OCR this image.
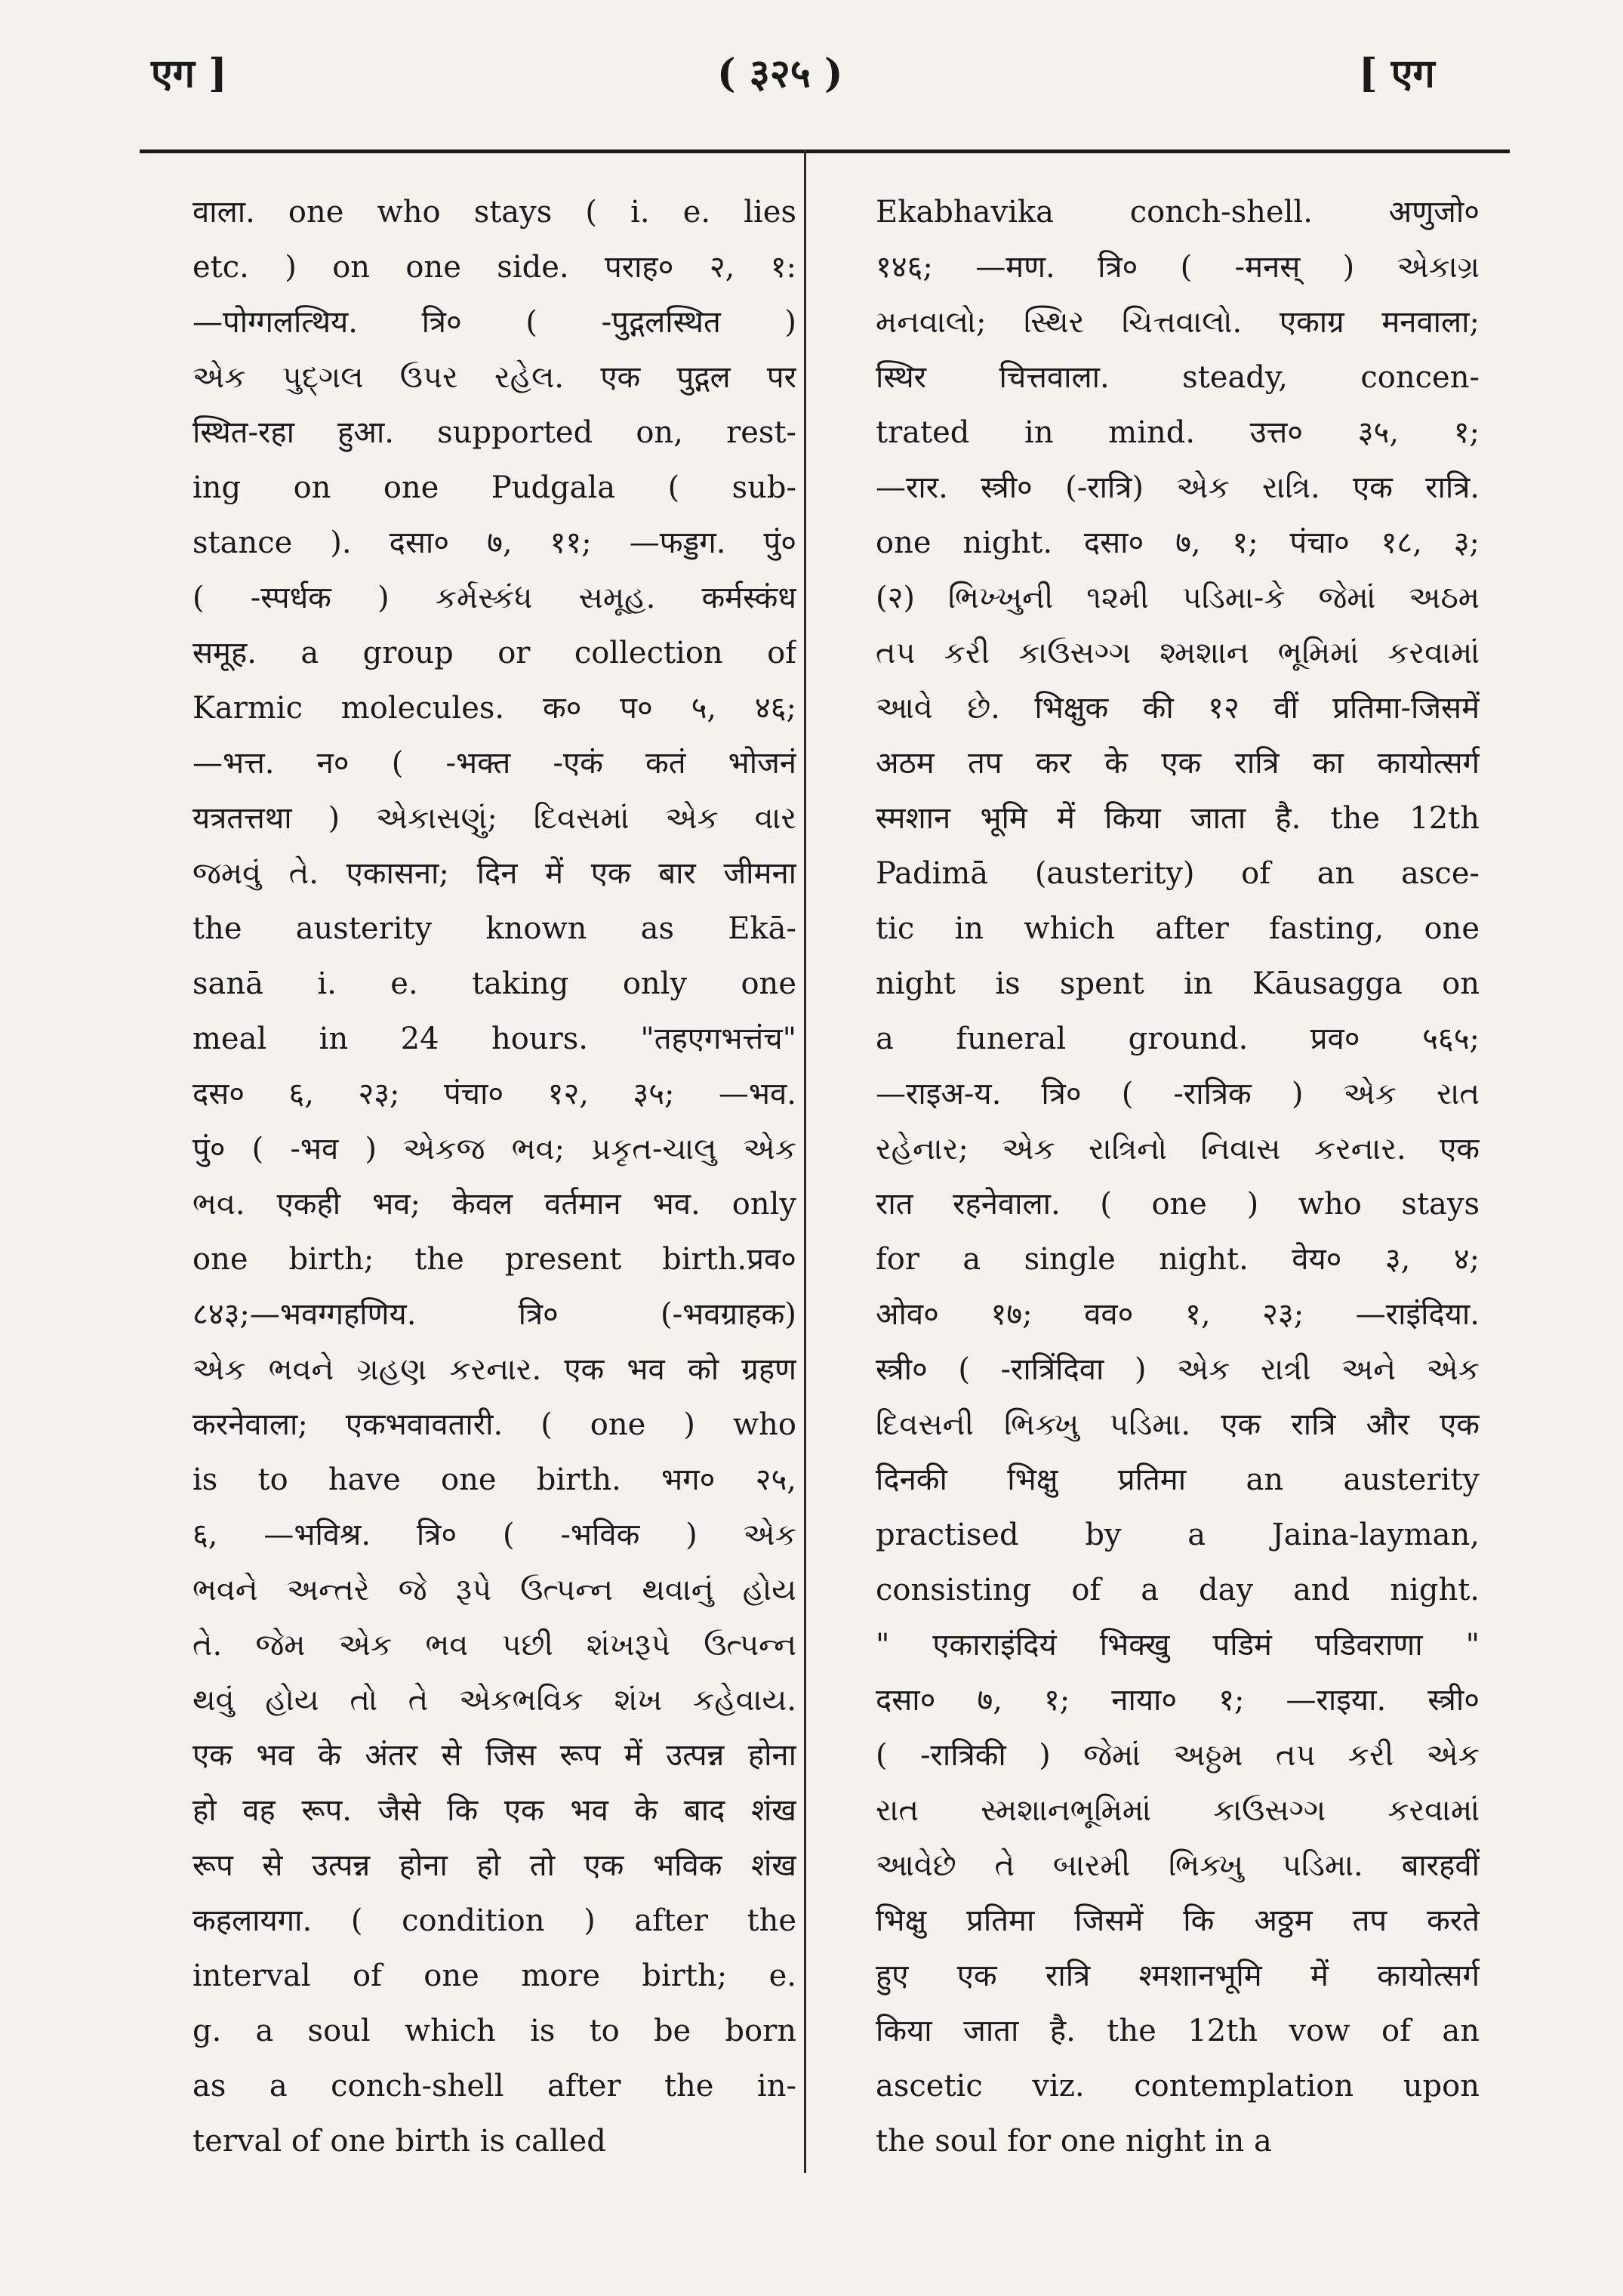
एग ]	( ३२५ )	[ एग
वाला. one who stays ( i. e. lies
etc. ) on one side. पराह० २, १:
—पोग्गलत्थिय. त्रि० ( -पुद्गलस्थित )
એક પુદ્ગલ ઉપર રહેલ. एक पुद्गल पर
स्थित-रहा हुआ. supported on, rest-
ing on one Pudgala ( sub-
stance ). दसा० ७, ११; —फड्डग. पुं०
( -स्पर्धक ) કર્મસ્કંધ સમૂહ. कर्मस्कंध
समूह. a group or collection of
Karmic molecules. क० प० ५, ४६;
—भत्त. न० ( -भक्त -एकं कतं भोजनं
यत्रतत्तथा ) એકાસણું; દિવસમાં એક વાર
જમવું તે. एकासना; दिन में एक बार जीमना
the austerity known as Ekā-
sanā i. e. taking only one
meal in 24 hours. "तहएगभत्तंच"
दस० ६, २३; पंचा० १२, ३५; —भव.
पुं० ( -भव ) એકજ ભવ; પ્રકૃત-ચાલુ એક
ભવ. एकही भव; केवल वर्तमान भव. only
one birth; the present birth.प्रव०
८४३;—भवग्गहणिय. त्रि० (-भवग्राहक)
એક ભવને ગ્રહણ કરનાર. एक भव को ग्रहण
करनेवाला; एकभवावतारी. ( one ) who
is to have one birth. भग० २५,
६, —भविश्र. त्रि० ( -भविक ) એક
ભવને અન્તરે જે રૂપે ઉત્પન્ન થવાનું હોય
તે. જેમ એક ભવ પછી શંખરૂપે ઉત્પન્ન
થવું હોય તો તે એકભવિક શંખ કહેવાય.
एक भव के अंतर से जिस रूप में उत्पन्न होना
हो वह रूप. जैसे कि एक भव के बाद शंख
रूप से उत्पन्न होना हो तो एक भविक शंख
कहलायगा. ( condition ) after the
interval of one more birth; e.
g. a soul which is to be born
as a conch-shell after the in-
terval of one birth is called
Ekabhavika conch-shell. अणुजो०
१४६; —मण. त्रि० ( -मनस् ) એકાગ્ર
મનવાલો; સ્થિર ચિત્તવાલો. एकाग्र मनवाला;
स्थिर चित्तवाला. steady, concen-
trated in mind. उत्त० ३५, १;
—रार. स्त्री० (-रात्रि) એક રાત્રિ. एक रात्रि.
one night. दसा० ७, १; पंचा० १८, ३;
(२) ભિખ્ખુની ૧૨મી પડિમા-કે જેમાં અઠમ
તપ કરી કાઉસગ્ગ શ્મશાન ભૂમિમાં કરવામાં
આવે છે. भिक्षुक की १२ वीं प्रतिमा-जिसमें
अठम तप कर के एक रात्रि का कायोत्सर्ग
स्मशान भूमि में किया जाता है. the 12th
Padimā (austerity) of an asce-
tic in which after fasting, one
night is spent in Kāusagga on
a funeral ground. प्रव० ५६५;
—राइअ-य. त्रि० ( -रात्रिक ) એક રાત
રહેનાર; એક રાત્રિનો નિવાસ કરનાર. एक
रात रहनेवाला. ( one ) who stays
for a single night. वेय० ३, ४;
ओव० १७; वव० १, २३; —राइंदिया.
स्त्री० ( -रात्रिंदिवा ) એક રાત્રી અને એક
દિવસની ભિક્ખુ પડિમા. एक रात्रि और एक
दिनकी भिक्षु प्रतिमा an austerity
practised by a Jaina-layman,
consisting of a day and night.
" एकाराइंदियं भिक्खु पडिमं पडिवराणा "
दसा० ७, १; नाया० १; —राइया. स्त्री०
( -रात्रिकी ) જેમાં અઠ્ઠમ તપ કરી એક
રાત સ્મશાનભૂમિમાં કાઉસગ્ગ કરવામાં
આવેછે તે બારમી ભિક્ખુ પડિમા. बारहवीं
भिक्षु प्रतिमा जिसमें कि अठ्ठम तप करते
हुए एक रात्रि श्मशानभूमि में कायोत्सर्ग
किया जाता है. the 12th vow of an
ascetic viz. contemplation upon
the soul for one night in a
